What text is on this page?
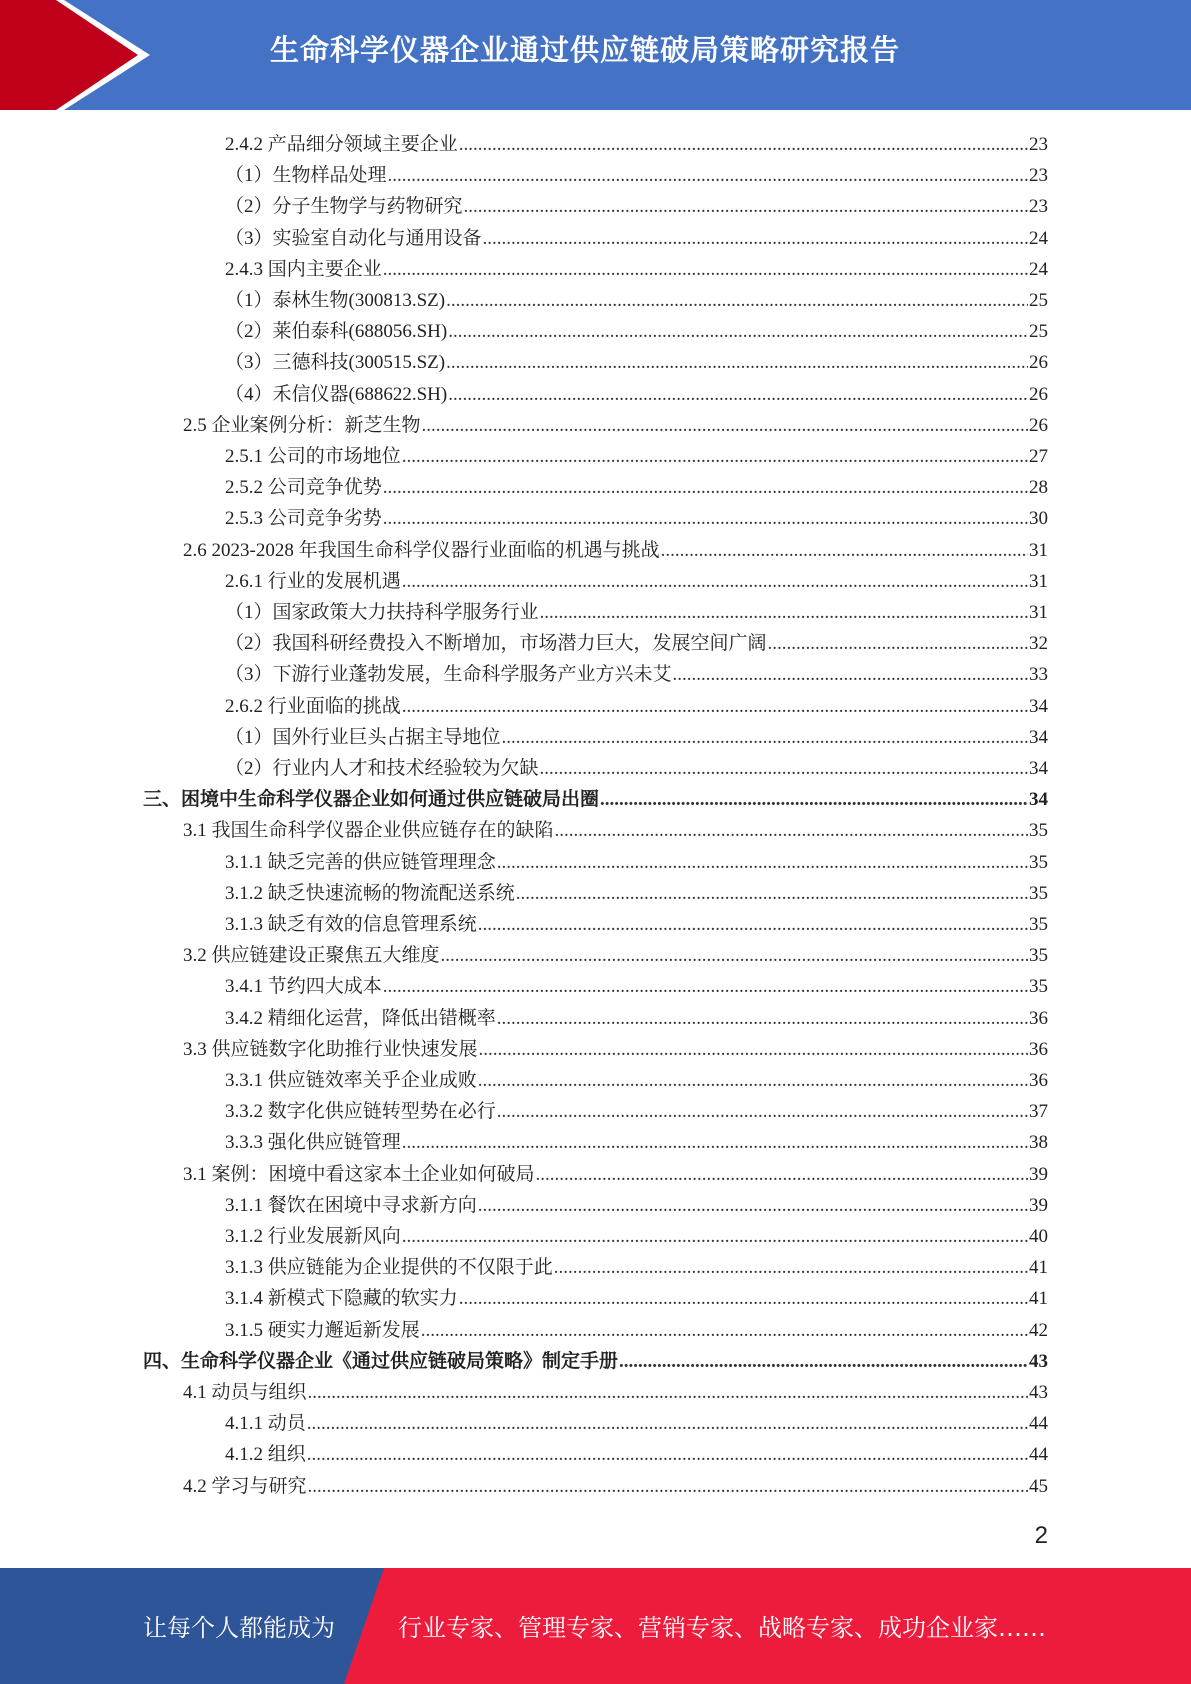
生命科学仪器企业通过供应链破局策略研究报告
2.4.2 产品细分领域主要企业 .....	23
（1）生物样品处理 .....	23
（2）分子生物学与药物研究 .....	23
（3）实验室自动化与通用设备 .....	24
2.4.3 国内主要企业 .....	24
（1）泰林生物(300813.SZ) .....	25
（2）莱伯泰科(688056.SH) .....	25
（3）三德科技(300515.SZ) .....	26
（4）禾信仪器(688622.SH) .....	26
2.5 企业案例分析：新芝生物 .....	26
2.5.1 公司的市场地位 .....	27
2.5.2 公司竞争优势 .....	28
2.5.3 公司竞争劣势 .....	30
2.6 2023-2028 年我国生命科学仪器行业面临的机遇与挑战 .....	31
2.6.1 行业的发展机遇 .....	31
（1）国家政策大力扶持科学服务行业 .....	31
（2）我国科研经费投入不断增加，市场潜力巨大，发展空间广阔 .....	32
（3）下游行业蓬勃发展，生命科学服务产业方兴未艾 .....	33
2.6.2 行业面临的挑战 .....	34
（1）国外行业巨头占据主导地位 .....	34
（2）行业内人才和技术经验较为欠缺 .....	34
三、困境中生命科学仪器企业如何通过供应链破局出圈 .....	34
3.1 我国生命科学仪器企业供应链存在的缺陷 .....	35
3.1.1 缺乏完善的供应链管理理念 .....	35
3.1.2 缺乏快速流畅的物流配送系统 .....	35
3.1.3 缺乏有效的信息管理系统 .....	35
3.2 供应链建设正聚焦五大维度 .....	35
3.4.1 节约四大成本 .....	35
3.4.2 精细化运营，降低出错概率 .....	36
3.3 供应链数字化助推行业快速发展 .....	36
3.3.1 供应链效率关乎企业成败 .....	36
3.3.2 数字化供应链转型势在必行 .....	37
3.3.3 强化供应链管理 .....	38
3.1 案例：困境中看这家本土企业如何破局 .....	39
3.1.1 餐饮在困境中寻求新方向 .....	39
3.1.2 行业发展新风向 .....	40
3.1.3 供应链能为企业提供的不仅限于此 .....	41
3.1.4 新模式下隐藏的软实力 .....	41
3.1.5 硬实力邂逅新发展 .....	42
四、生命科学仪器企业《通过供应链破局策略》制定手册 .....	43
4.1 动员与组织 .....	43
4.1.1 动员 .....	44
4.1.2 组织 .....	44
4.2 学习与研究 .....	45
2
让每个人都能成为	行业专家、管理专家、营销专家、战略专家、成功企业家……
